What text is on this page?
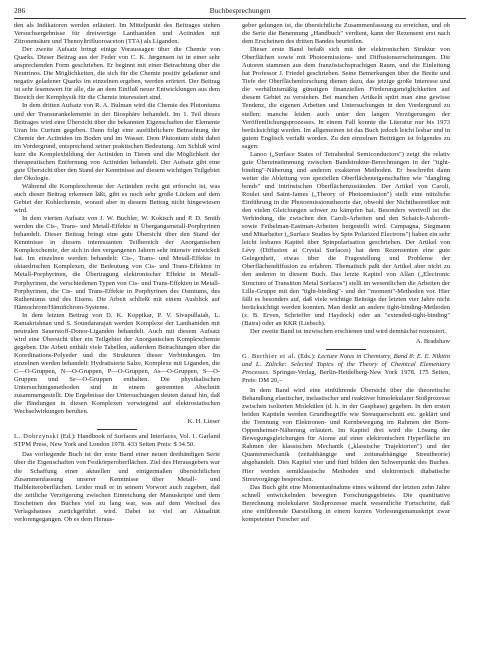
286	Buchbesprechungen

den als Indikatoren werden erläutert. Im Mittelpunkt des Beitrages stehen Versuchsergebnisse für dreiwertige Lanthaniden und Actiniden mit Zitronensäure und Thenoyltrifluoroaceton (TTA) als Liganden.

Der zweite Aufsatz bringt einige Voraussagen über die Chemie von Quarks. Dieser Beitrag aus der Feder von C. K. Jørgensen ist in einer sehr ansprechenden Form geschrieben. Er beginnt mit einer Betrachtung über die Neutrinos. Die Möglichkeiten, die sich für die Chemie positiv geladener und negativ geladener Quarks im einzelnen ergeben, werden erörtert. Der Beitrag ist sehr lesenswert für alle, die an dem Einfluß neuer Entwicklungen aus dem Bereich der Kernphysik für die Chemie interessiert sind.

In dem dritten Aufsatz von R. A. Bulman wird die Chemie des Plutoniums und der Transurankelemente in der Biosphäre behandelt. Im 1. Teil dieses Beitrages wird eine Übersicht über die bekannten Eigenschaften der Elemente Uran bis Curium gegeben. Dann folgt eine ausführlichere Betrachtung der Chemie der Actiniden im Boden und im Wasser. Dem Plutonium steht dabei im Vordergrund, entsprechend seiner praktischen Bedeutung. Am Schluß wird kurz die Komplexbildung der Actiniden in Tieren und die Möglichkeit der therapeutischen Entfernung von Actiniden behandelt. Der Aufsatz gibt eine gute Übersicht über den Stand der Kenntnisse auf diesem wichtigen Teilgebiet der Ökologie.

Während die Komplexchemie der Actiniden recht gut erforscht ist, was auch dieser Beitrag erkennen läßt, gibt es noch sehr große Lücken auf dem Gebiet der Kohlechemie, worauf aber in diesem Beitrag nicht hingewiesen wird.

In dem vierten Aufsatz von J. W. Buchler, W. Kokisch und P. D. Smith werden die Cis-, Trans- und Metall-Effekte in Übergangsmetall-Porphyrinen behandelt. Dieser Beitrag bringt eine gute Übersicht über den Stand der Kenntnisse in diesem interessanten Teilbereich der Anorganischen Komplexchemie, der sich in den vergangenen Jahren sehr intensiv entwickelt hat. Im einzelnen werden behandelt: Cis-, Trans- und Metall-Effekte in oktaedrischen Komplexen, die Bedeutung von Cis- und Trans-Effekten in Metall-Porphyrinen, die Übertragung elektronischer Effekte in Metall-Porphyrinen, die verschiedenen Typen von Cis- und Trans-Effekten in Metall-Porphyrinen, die Cis- und Trans-Effekte in Porphyrinen des Osmiums, des Rutheniums und des Eisens. Die Arbeit schließt mit einem Ausblick auf Hämochrom/Hämiñchrom-Systeme.

In dem letzten Beitrag von D. K. Koppikar, P. V. Sivapullaiah, L. Ramakrishnan und S. Soundararajan werden Komplexe der Lanthaniden mit neutralen Sauerstoff-Donor-Liganden behandelt. Auch mit diesem Aufsatz wird eine Übersicht über ein Teilgebiet der Anorganischen Komplexchemie gegeben. Die Arbeit enthält viele Tabellen, außerdem Betrachtungen über die Koordinations-Polyeder und die Strukturen dieser Verbindungen. Im einzelnen werden behandelt: Hydratisierte Salze, Komplexe mit Liganden, die C—O-Gruppen, N—O-Gruppen, P—O-Gruppen, As—O-Gruppen, S—O-Gruppen und Se—O-Gruppen enthalten. Die physikalischen Untersuchungsmethoden sind in einem getrennten Abschnitt zusammengestellt. Die Ergebnisse der Untersuchungen deuten darauf hin, daß die Bindungen in diesen Komplexen vorwiegend auf elektrostatischen Wechselwirkungen beruhen.

K. H. Lieser

L. Dobrzynski (Ed.): Handbook of Surfaces and Interfaces, Vol. 1. Garland STPM Press, New York and London 1978. 433 Seiten Preis: $ 34.50.

Das vorliegende Buch ist der erste Band einer neuen dreibändigen Serie über die Eigenschaften von Festkörperoberflächen. Ziel des Herausgebers war die Schaffung einer aktuellen und einigermaßen übersichtlichen Zusammenfassung unserer Kenntnisse über Metall- und Halbleiteroberflächen. Leider muß er in seinem Vorwort auch zugeben, daß die zeitliche Verzögerung zwischen Einreichung der Manuskripte und dem Erscheinen des Buches viel zu lang war, was auf dem Wechsel des Verlagshauses zurückgeführt wird. Dabei ist viel an Aktualität verlorengegangen. Ob es dem Heraus-

geber gelungen ist, die übersichtliche Zusammenfassung zu erreichen, und ob die Serie die Benennung „Handbuch" verdient, kann der Rezensent erst nach dem Erscheinen des dritten Bandes beurteilen.

Dieser erste Band befaßt sich mit der elektronischen Struktur von Oberflächen sowie mit Photoemissions- und Diffusionserscheinungen. Die Autoren stammen aus dem französischsprachigen Raum, und die Einleitung hat Professor J. Friedel geschrieben. Seine Bemerkungen über die Breite und Tiefe der Oberflächenforschung dienen dazu, das jetzige große Interesse und die verhältnismäßig günstigen finanziellen Förderungsmöglichkeiten auf diesem Gebiet zu verstehen. Bei manchen Artikeln spürt man eine gewisse Tendenz, die eigenen Arbeiten und Untersuchungen in den Vordergrund zu stellen; manche leiden auch unter den langen Verzögerungen der Veröffentlichungsprozesses. In einem Fall konnte die Literatur nur bis 1973 berücksichtigt werden. Im allgemeinen ist das Buch jedoch leicht lesbar und in gutem Englisch verfaßt worden. Zu den einzelnen Beiträgen ist folgendes zu sagen:

Lanoo („Surface States of Tetrahedral Semiconductors") zeigt die relativ gute Übereinstimmung zwischen Bandstruktur-Berechnungen in der "tight-binding"-Näherung und anderen exakteren Methoden. Er beschreibt dann weiter die Ableitung von speziellen Oberflächeneigenschaften wie "dangling bonds" und intrinsischen Oberflächenzuständen. Der Artikel von Caroli, Roulet und Saint-James („Theory of Photoemission") stellt eine nützliche Einführung in die Photoemissionstheorie dar, obwohl der Nichttheoretiker mit den vielen Gleichungen schwer zu kämpfen hat. Besonders wertvoll ist die Verbindung, die zwischen den Caroli-Arbeiten und den Schaich-Ashcroft-sowie Feibelman-Eastman-Arbeiten hergestellt wird. Campagna, Siegmann und Mitarbeiter („Surface Studies by Spin Polarized Electrons") haben ein sehr leicht lesbares Kapitel über Spinpolarisation geschrieben. Der Artikel von Lévy (Diffusion at Crystal Surfaces) hat dem Rezensenten eine gute Gelegenheit, etwas über die Fragestellung und Probleme der Oberflächendiffusion zu erfahren. Thematisch paßt der Artikel aber nicht zu den anderen in diesem Buch. Das letzte Kapitel von Allan („Electronic Structure of Transition Metal Surfaces") stellt im wesentlichen die Arbeiten der Lille-Gruppe mit den "tight-binding"- und der "moment"-Methoden vor. Hier fällt es besonders auf, daß viele wichtige Beiträge der letzten vier Jahre nicht berücksichtigt werden konnten. Man denkt an andere tight-binding-Methoden (z. B. Erven, Schrieffer und Haydock) oder an "extended-tight-binding" (Batra) oder an KKR (Liebsch).

Der zweite Band ist inzwischen erschienen und wird demnächst rezensiert.

A. Bradshaw

G. Berthier et al. (Eds.): Lecture Notes in Chemistry, Band 8: E. E. Nikitin und L. Zülicke: Selected Topics of the Theory of Chemical Elementary Processes. Springer-Verlag, Berlin-Heidelberg-New York 1978. 175 Seiten, Preis: DM 20,–

In dem Band wird eine einführende Übersicht über die theoretische Behandlung elastischer, inelastischer und reaktiver bimolekularer Stoßprozesse zwischen isolierten Molekülen (d. h. in der Gasphase) gegeben. In den ersten beiden Kapiteln werden Grundbegriffe wie Streuquerschnitt etc. geklärt und die Trennung von Elektronen- und Kernbewegung im Rahmen der Born-Oppenheimer-Näherung erläutert. Im Kapitel drei wird die Lösung der Bewegungsgleichungen für Atome auf einer elektronischen Hyperfläche im Rahmen der klassischen Mechanik („klassische Trajektorien") und der Quantenmechanik (zeitabhängige und zeitunabhängige Streutheorie) abgehandelt. Dies Kapitel vier und fünf bilden den Schwerpunkt des Buches. Hier werden semiklassische Methoden und elektronisch diabatische Streuvorgänge besprochen.

Das Buch gibt eine Momentaufnahme eines während der letzten zehn Jahre schnell entwickelnden bewegten Forschungsgebietes. Die quantitative Berechnung molekularer Stoßprozesse macht wesentliche Fortschritte, daß eine einführende Darstellung in einem kurzen Vorlesungsmanuskript zwar kompetenter Forscher auf
